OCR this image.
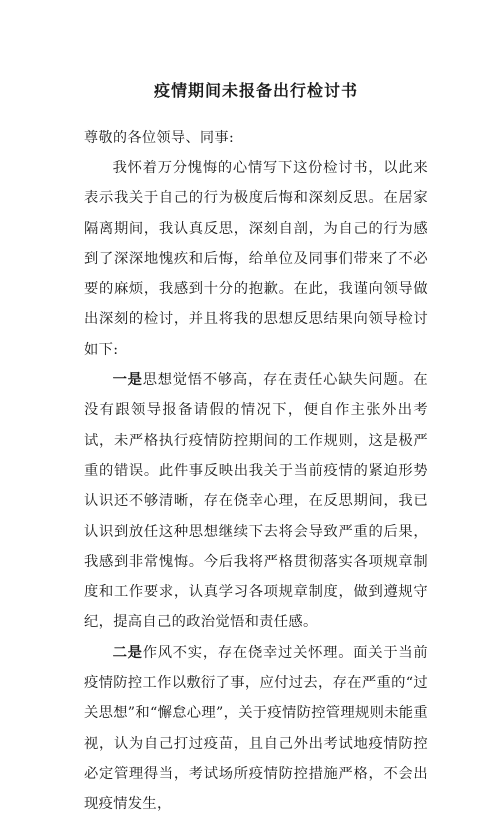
疫情期间未报备出行检讨书

尊敬的各位领导、同事:

我怀着万分愧悔的心情写下这份检讨书，以此来表示我关于自己的行为极度后悔和深刻反思。在居家隔离期间，我认真反思，深刻自剖，为自己的行为感到了深深地愧疚和后悔，给单位及同事们带来了不必要的麻烦，我感到十分的抱歉。在此，我谨向领导做出深刻的检讨，并且将我的思想反思结果向领导检讨如下:

一是思想觉悟不够高，存在责任心缺失问题。在没有跟领导报备请假的情况下，便自作主张外出考试，未严格执行疫情防控期间的工作规则，这是极严重的错误。此件事反映出我关于当前疫情的紧迫形势认识还不够清晰，存在侥幸心理，在反思期间，我已认识到放任这种思想继续下去将会导致严重的后果，我感到非常愧悔。今后我将严格贯彻落实各项规章制度和工作要求，认真学习各项规章制度，做到遵规守纪，提高自己的政治觉悟和责任感。

二是作风不实，存在侥幸过关怀理。面关于当前疫情防控工作以敷衍了事，应付过去，存在严重的“过关思想”和“懈怠心理”，关于疫情防控管理规则未能重视，认为自己打过疫苗，且自己外出考试地疫情防控必定管理得当，考试场所疫情防控措施严格，不会出现疫情发生，
